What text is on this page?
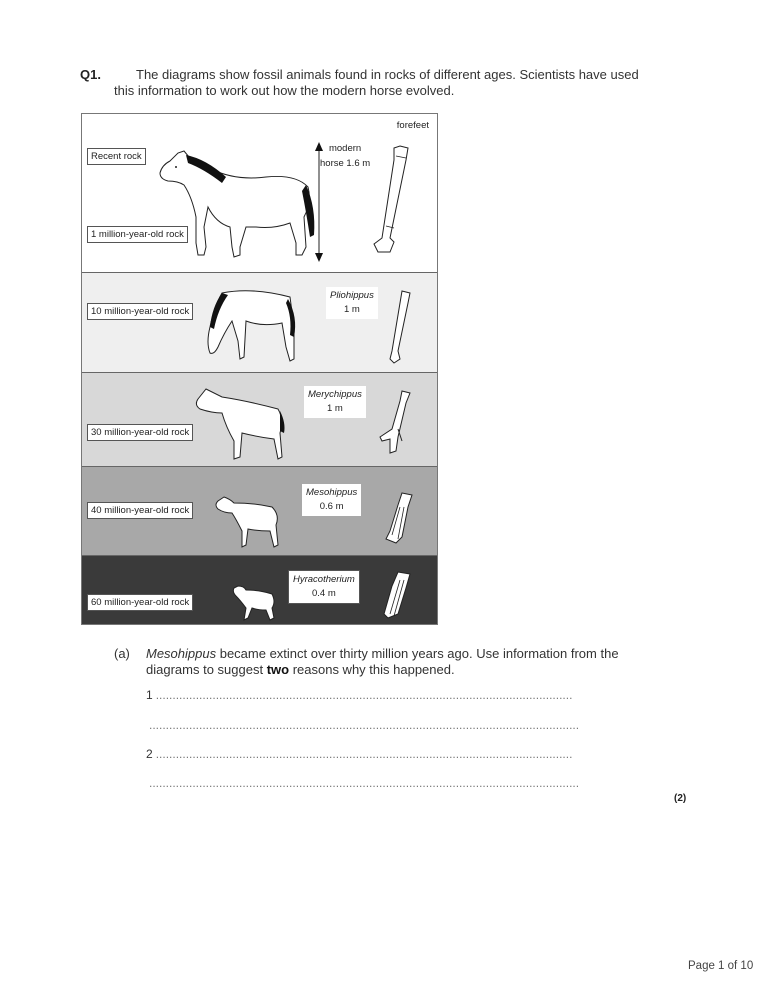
Q1.	The diagrams show fossil animals found in rocks of different ages. Scientists have used this information to work out how the modern horse evolved.
forefeet
Recent rock
1 million-year-old rock
modern
horse 1.6 m
10 million-year-old rock
Pliohippus
1 m
30 million-year-old rock
Merychippus
1 m
40 million-year-old rock
Mesohippus
0.6 m
60 million-year-old rock
Hyracotherium
0.4 m
(a) Mesohippus became extinct over thirty million years ago. Use information from the diagrams to suggest two reasons why this happened.
1 .............................................................................................................................
.................................................................................................................................
2 .............................................................................................................................
.................................................................................................................................
(2)
Page 1 of 10
